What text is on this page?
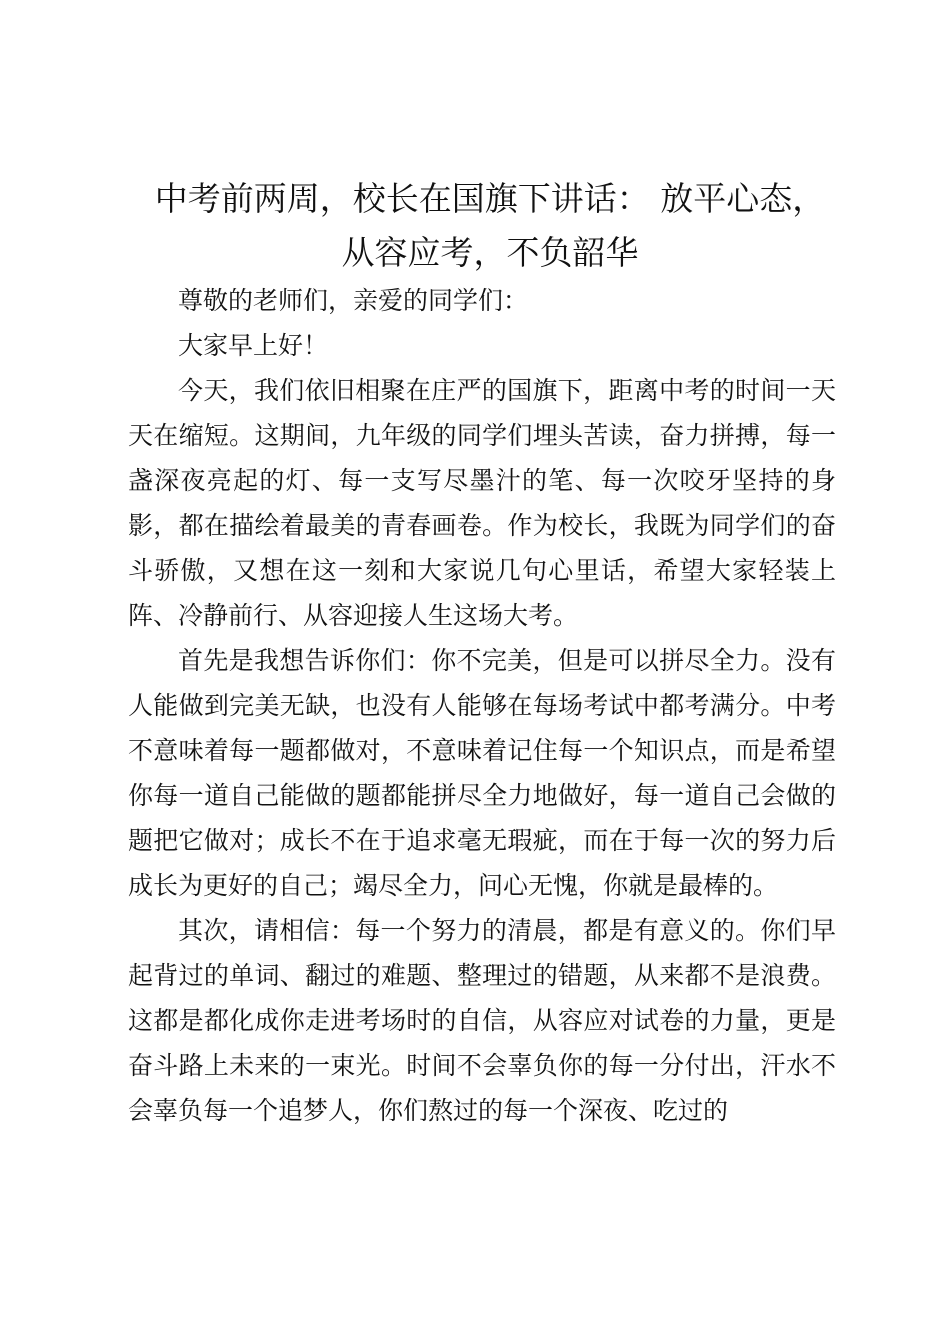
中考前两周，校长在国旗下讲话： 放平心态，
从容应考，不负韶华

尊敬的老师们，亲爱的同学们：

大家早上好！

今天，我们依旧相聚在庄严的国旗下，距离中考的时间一天天在缩短。这期间，九年级的同学们埋头苦读，奋力拼搏，每一盏深夜亮起的灯、每一支写尽墨汁的笔、每一次咬牙坚持的身影，都在描绘着最美的青春画卷。作为校长，我既为同学们的奋斗骄傲，又想在这一刻和大家说几句心里话，希望大家轻装上阵、冷静前行、从容迎接人生这场大考。

首先是我想告诉你们：你不完美，但是可以拼尽全力。没有人能做到完美无缺，也没有人能够在每场考试中都考满分。中考不意味着每一题都做对，不意味着记住每一个知识点，而是希望你每一道自己能做的题都能拼尽全力地做好，每一道自己会做的题把它做对；成长不在于追求毫无瑕疵，而在于每一次的努力后成长为更好的自己；竭尽全力，问心无愧，你就是最棒的。

其次，请相信：每一个努力的清晨，都是有意义的。你们早起背过的单词、翻过的难题、整理过的错题，从来都不是浪费。这都是都化成你走进考场时的自信，从容应对试卷的力量，更是奋斗路上未来的一束光。时间不会辜负你的每一分付出，汗水不会辜负每一个追梦人，你们熬过的每一个深夜、吃过的
